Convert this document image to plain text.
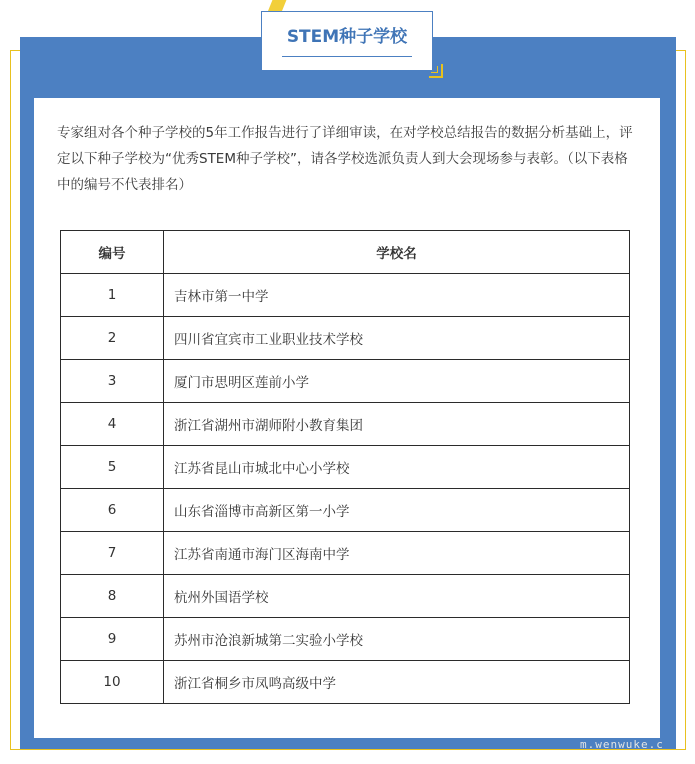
STEM种子学校

专家组对各个种子学校的5年工作报告进行了详细审读，在对学校总结报告的数据分析基础上，评定以下种子学校为“优秀STEM种子学校”，请各学校选派负责人到大会现场参与表彰。（以下表格中的编号不代表排名）

编号	学校名
1	吉林市第一中学
2	四川省宜宾市工业职业技术学校
3	厦门市思明区莲前小学
4	浙江省湖州市湖师附小教育集团
5	江苏省昆山市城北中心小学校
6	山东省淄博市高新区第一小学
7	江苏省南通市海门区海南中学
8	杭州外国语学校
9	苏州市沧浪新城第二实验小学校
10	浙江省桐乡市凤鸣高级中学
m.wenwuke.c
